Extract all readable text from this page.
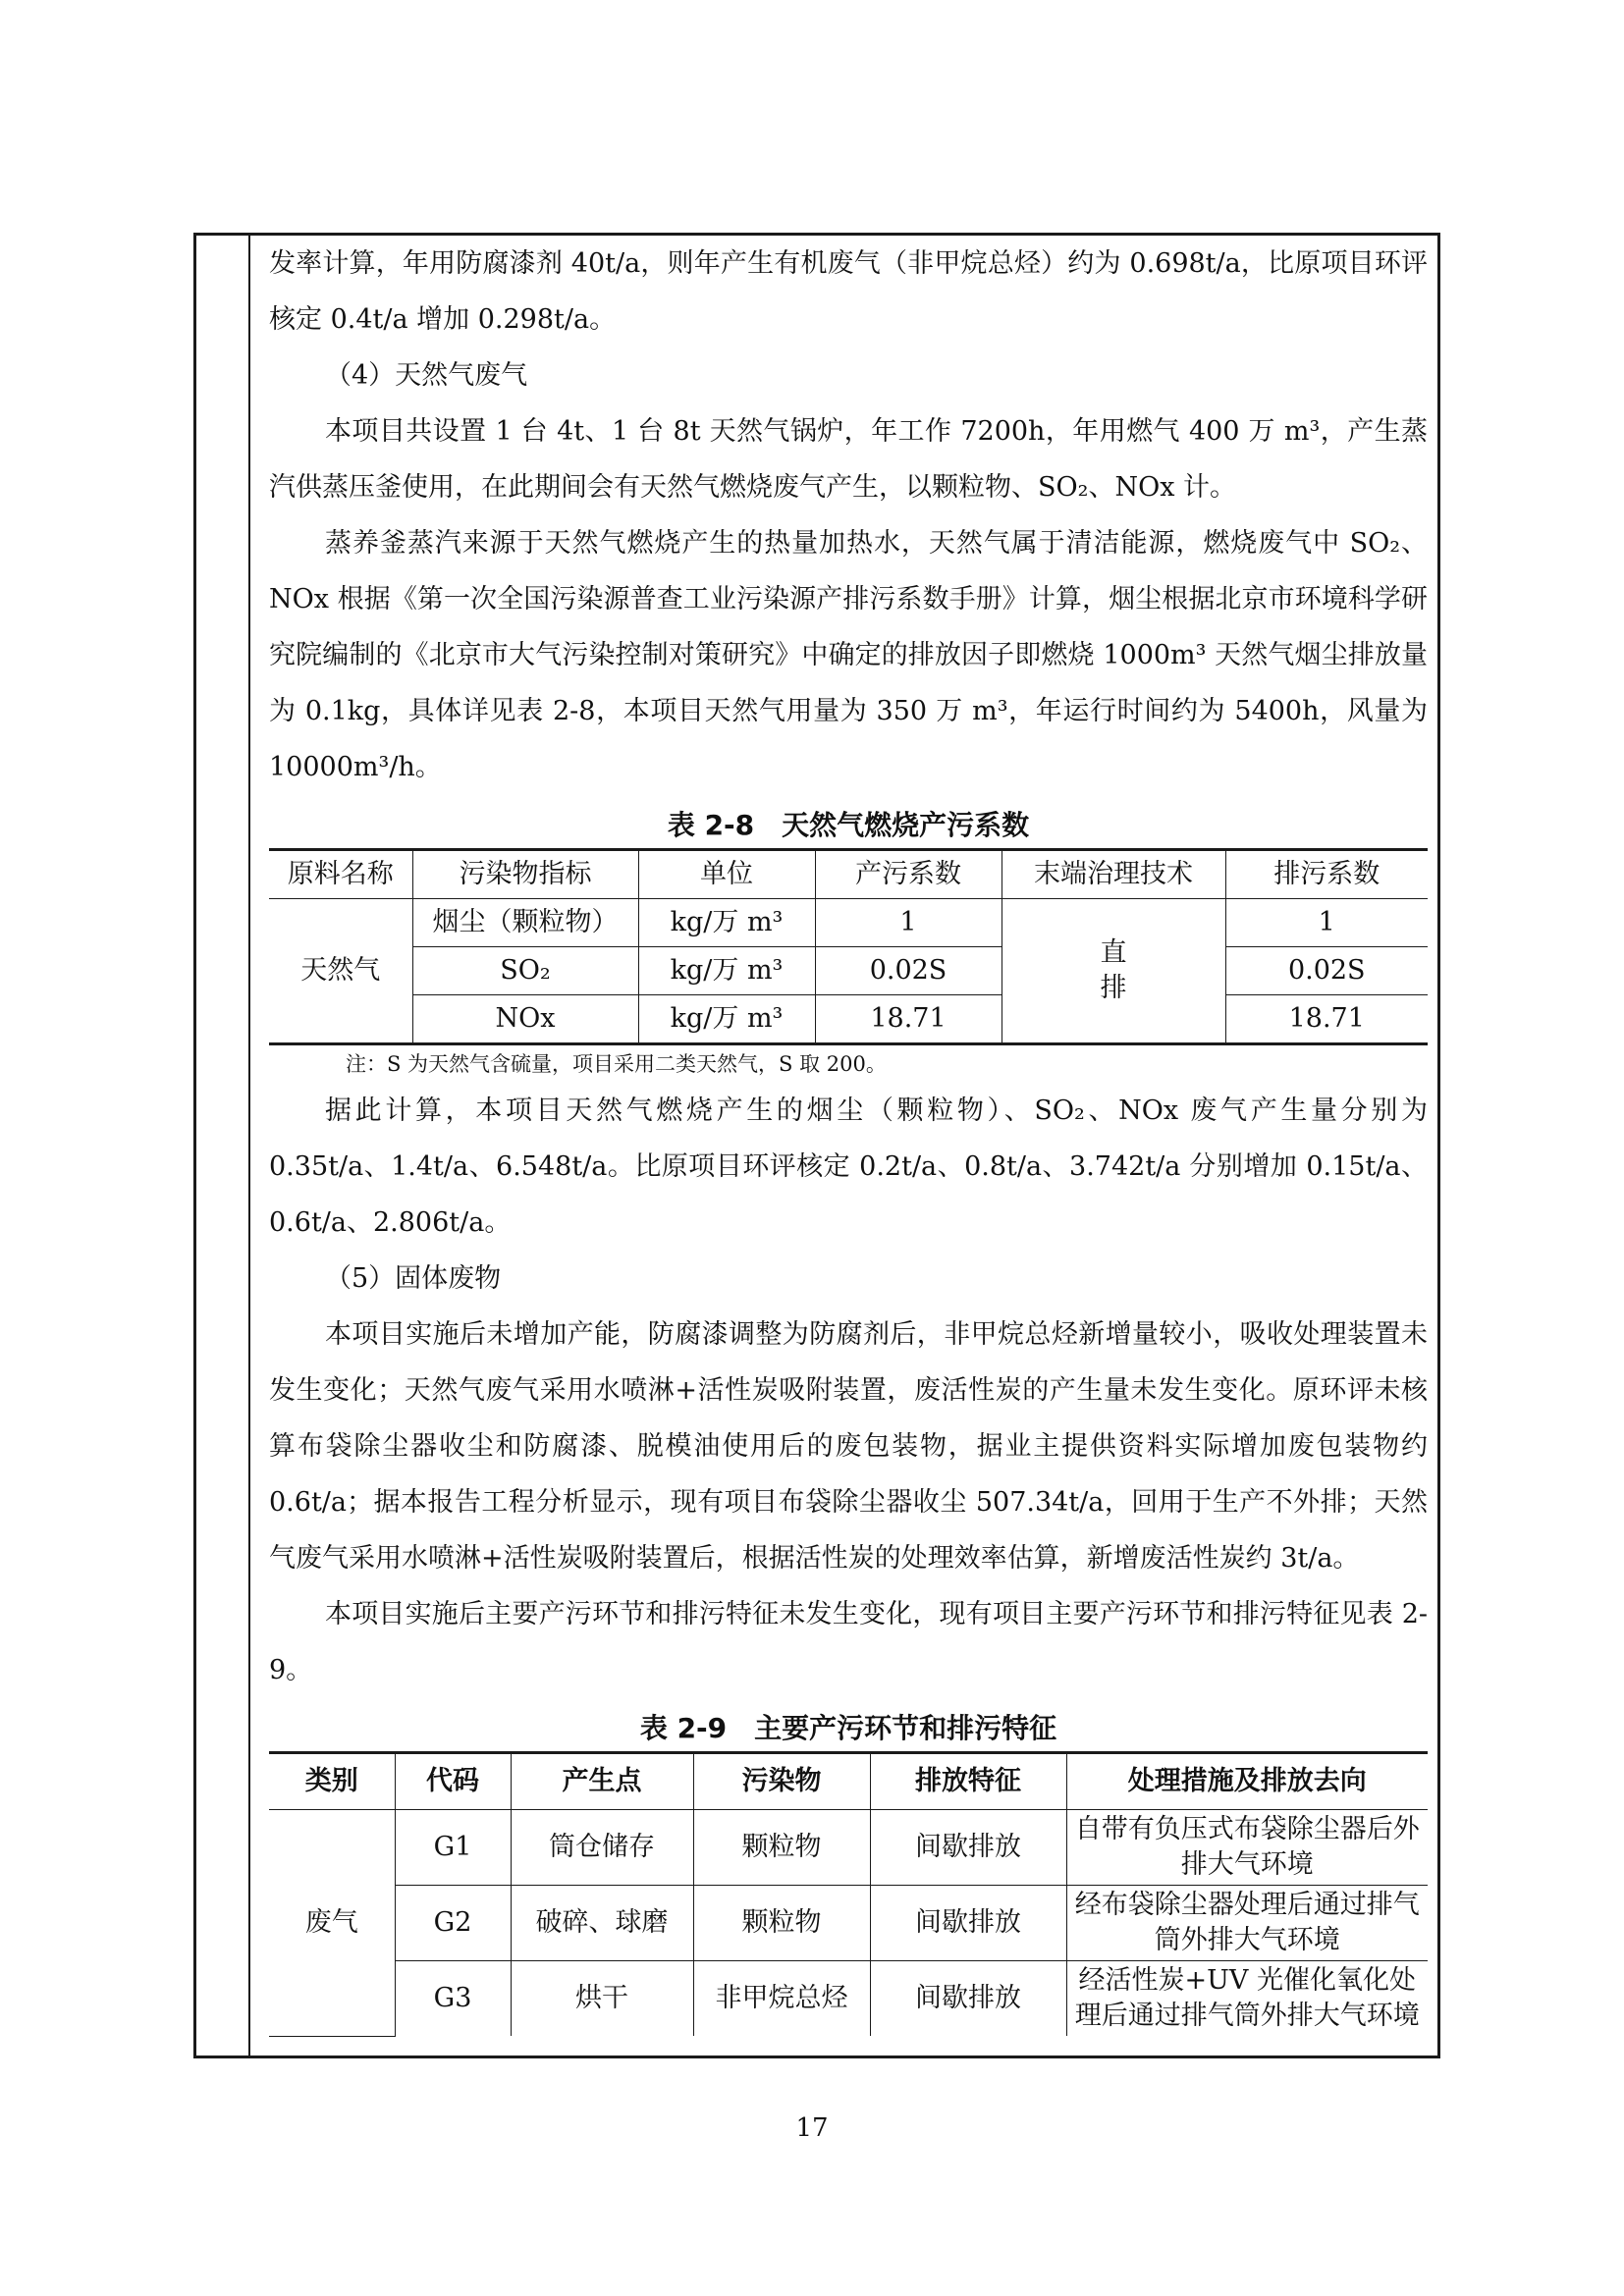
发率计算，年用防腐漆剂 40t/a，则年产生有机废气（非甲烷总烃）约为 0.698t/a，比原项目环评核定 0.4t/a 增加 0.298t/a。

（4）天然气废气

本项目共设置 1 台 4t、1 台 8t 天然气锅炉，年工作 7200h，年用燃气 400 万 m³，产生蒸汽供蒸压釜使用，在此期间会有天然气燃烧废气产生，以颗粒物、SO₂、NOx 计。

蒸养釜蒸汽来源于天然气燃烧产生的热量加热水，天然气属于清洁能源，燃烧废气中 SO₂、NOx 根据《第一次全国污染源普查工业污染源产排污系数手册》计算，烟尘根据北京市环境科学研究院编制的《北京市大气污染控制对策研究》中确定的排放因子即燃烧 1000m³ 天然气烟尘排放量为 0.1kg，具体详见表 2-8，本项目天然气用量为 350 万 m³，年运行时间约为 5400h，风量为 10000m³/h。

表 2-8　天然气燃烧产污系数
原料名称	污染物指标	单位	产污系数	末端治理技术	排污系数
天然气	烟尘（颗粒物）	kg/万 m³	1	直排	1
	SO₂	kg/万 m³	0.02S		0.02S
	NOx	kg/万 m³	18.71		18.71
注：S 为天然气含硫量，项目采用二类天然气，S 取 200。

据此计算，本项目天然气燃烧产生的烟尘（颗粒物）、SO₂、NOx 废气产生量分别为 0.35t/a、1.4t/a、6.548t/a。比原项目环评核定 0.2t/a、0.8t/a、3.742t/a 分别增加 0.15t/a、0.6t/a、2.806t/a。

（5）固体废物

本项目实施后未增加产能，防腐漆调整为防腐剂后，非甲烷总烃新增量较小，吸收处理装置未发生变化；天然气废气采用水喷淋+活性炭吸附装置，废活性炭的产生量未发生变化。原环评未核算布袋除尘器收尘和防腐漆、脱模油使用后的废包装物，据业主提供资料实际增加废包装物约 0.6t/a；据本报告工程分析显示，现有项目布袋除尘器收尘 507.34t/a，回用于生产不外排；天然气废气采用水喷淋+活性炭吸附装置后，根据活性炭的处理效率估算，新增废活性炭约 3t/a。

本项目实施后主要产污环节和排污特征未发生变化，现有项目主要产污环节和排污特征见表 2-9。

表 2-9　主要产污环节和排污特征
类别	代码	产生点	污染物	排放特征	处理措施及排放去向
废气	G1	筒仓储存	颗粒物	间歇排放	自带有负压式布袋除尘器后外排大气环境
	G2	破碎、球磨	颗粒物	间歇排放	经布袋除尘器处理后通过排气筒外排大气环境
	G3	烘干	非甲烷总烃	间歇排放	经活性炭+UV 光催化氧化处理后通过排气筒外排大气环境
17
